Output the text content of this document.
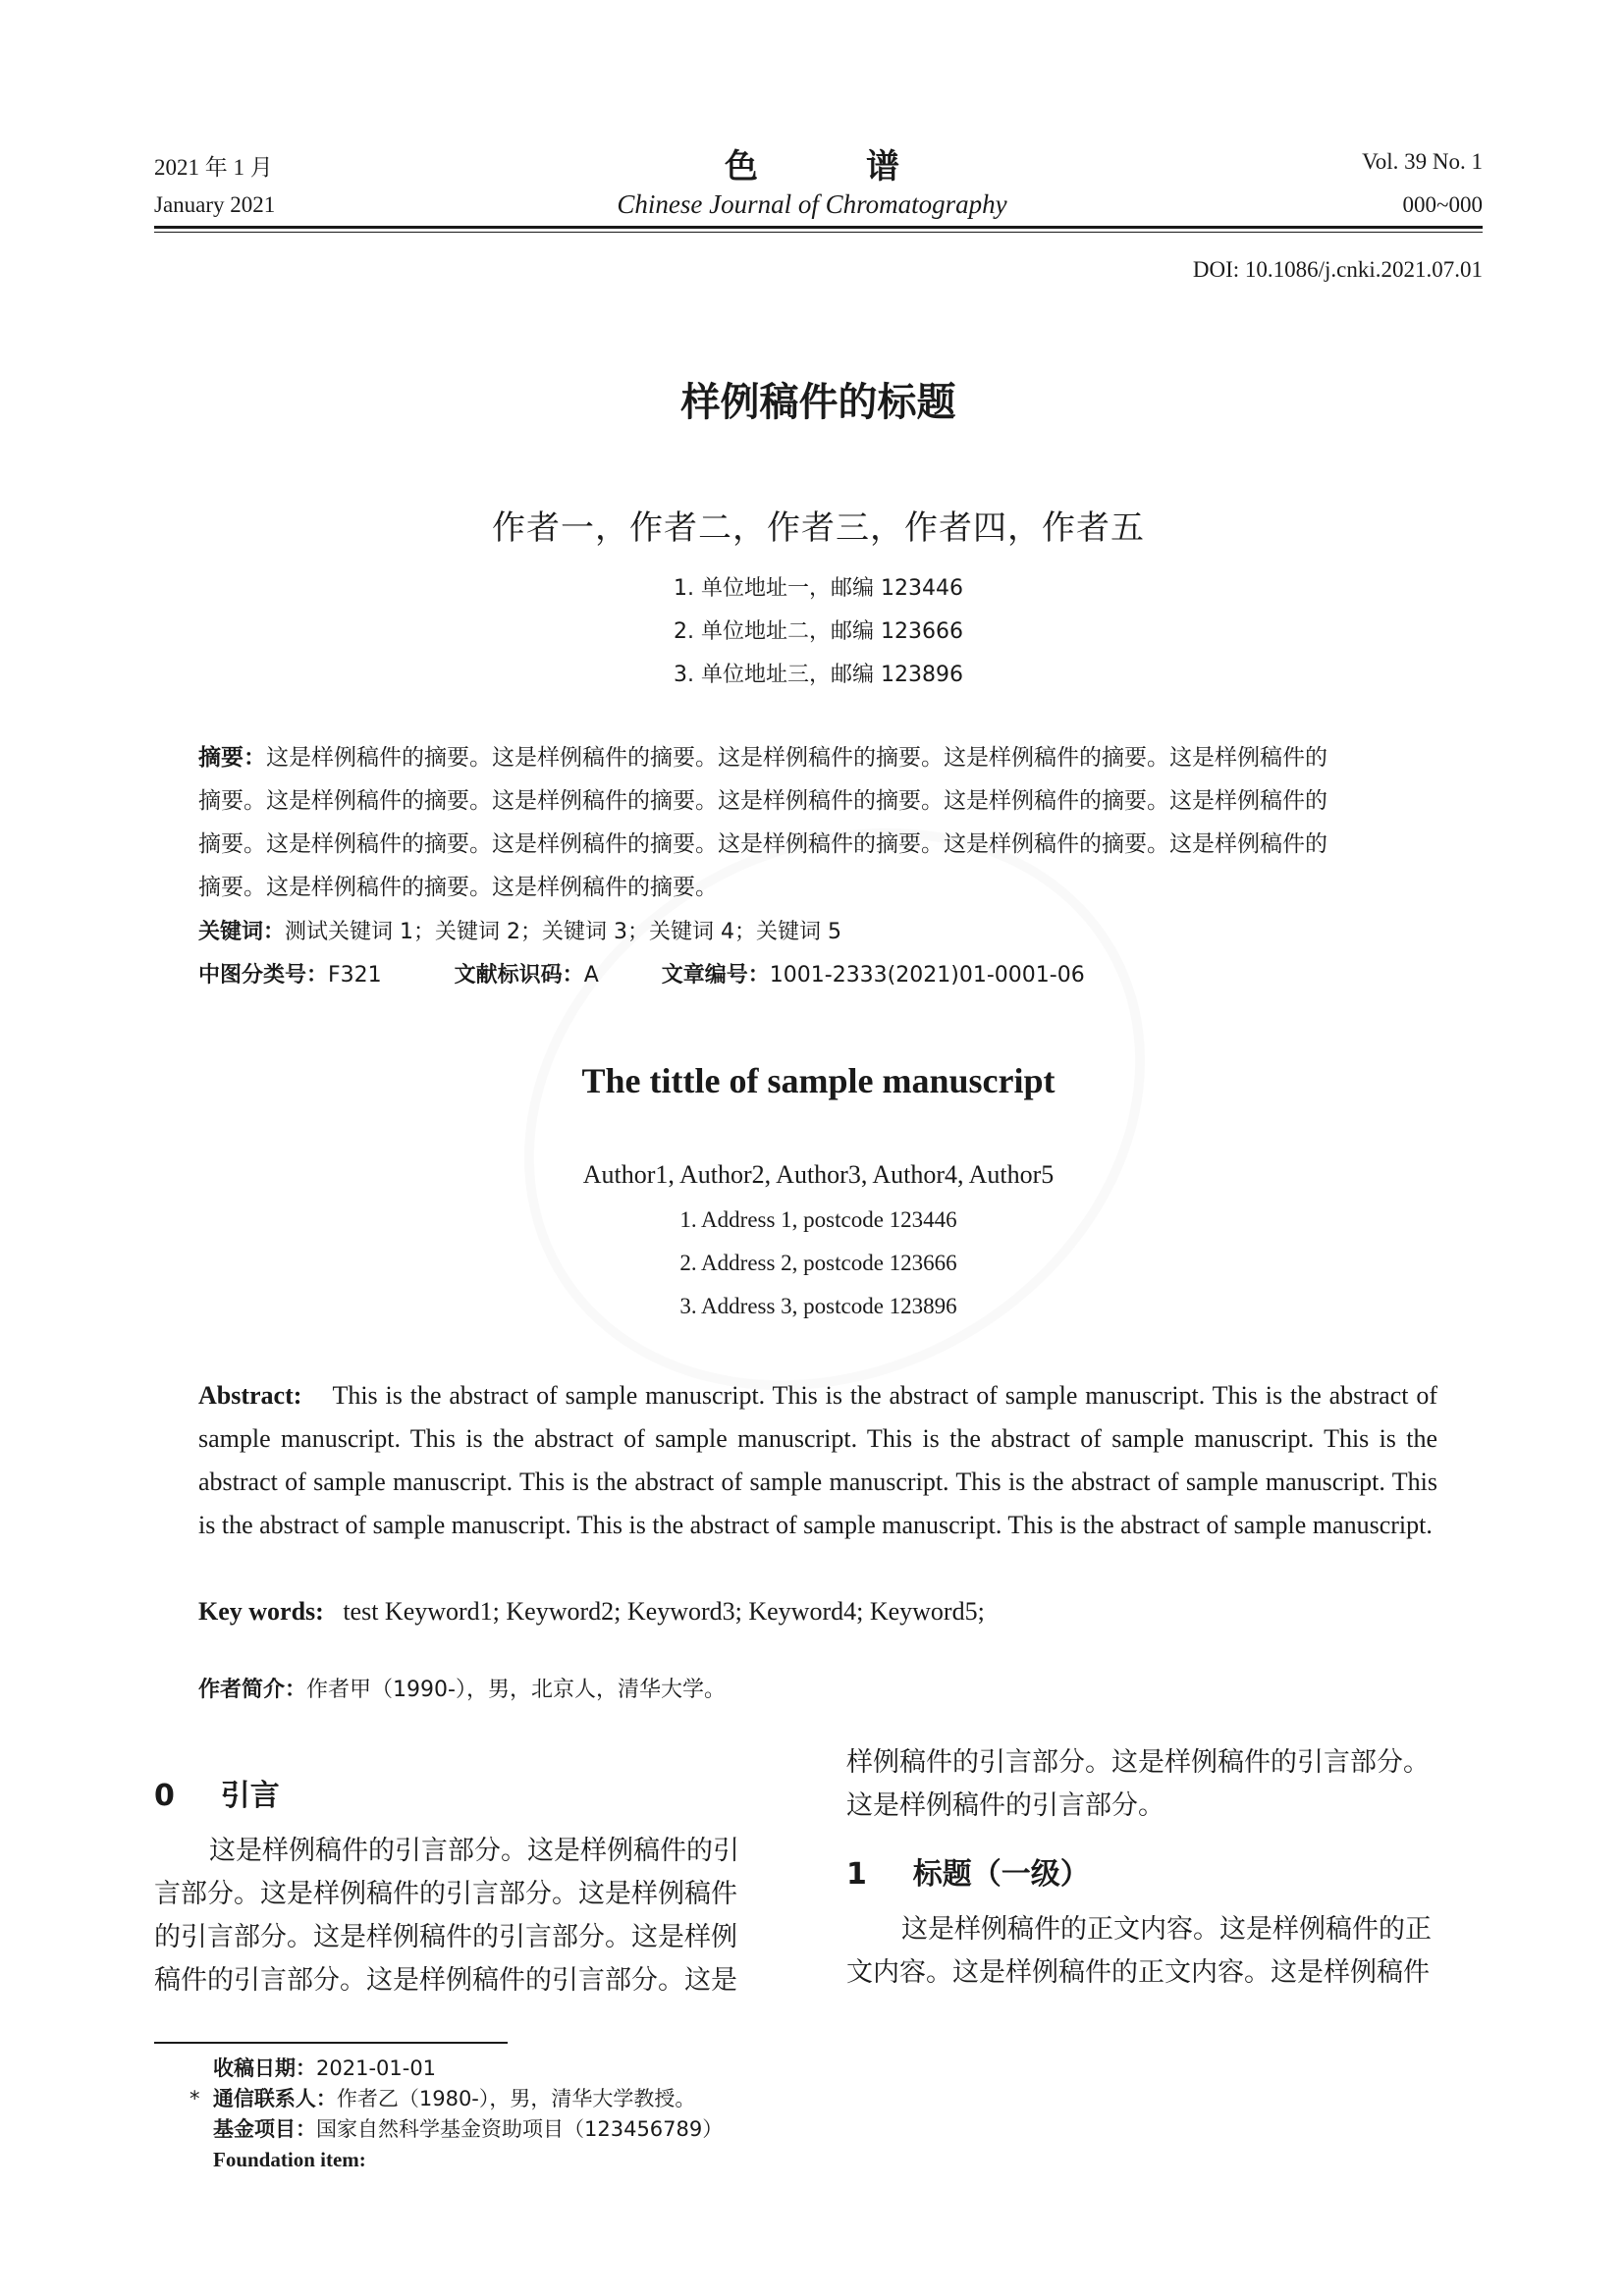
2021 年 1 月
January 2021
色谱
Chinese Journal of Chromatography
Vol. 39 No. 1
000~000
DOI: 10.1086/j.cnki.2021.07.01
样例稿件的标题
作者一，作者二，作者三，作者四，作者五
1. 单位地址一，邮编 123446
2. 单位地址二，邮编 123666
3. 单位地址三，邮编 123896
摘要：这是样例稿件的摘要。这是样例稿件的摘要。这是样例稿件的摘要。这是样例稿件的摘要。这是样例稿件的
摘要。这是样例稿件的摘要。这是样例稿件的摘要。这是样例稿件的摘要。这是样例稿件的摘要。这是样例稿件的
摘要。这是样例稿件的摘要。这是样例稿件的摘要。这是样例稿件的摘要。这是样例稿件的摘要。这是样例稿件的
摘要。这是样例稿件的摘要。这是样例稿件的摘要。
关键词：测试关键词 1；关键词 2；关键词 3；关键词 4；关键词 5
中图分类号：F321	文献标识码：A	文章编号：1001-2333(2021)01-0001-06
The tittle of sample manuscript
Author1, Author2, Author3, Author4, Author5
1. Address 1, postcode 123446
2. Address 2, postcode 123666
3. Address 3, postcode 123896
Abstract: This is the abstract of sample manuscript. This is the abstract of sample manuscript. This is the abstract of sample manuscript. This is the abstract of sample manuscript. This is the abstract of sample manuscript. This is the abstract of sample manuscript. This is the abstract of sample manuscript. This is the abstract of sample manuscript. This is the abstract of sample manuscript. This is the abstract of sample manuscript. This is the abstract of sample manuscript.
Key words: test Keyword1; Keyword2; Keyword3; Keyword4; Keyword5;
作者简介：作者甲（1990-），男，北京人，清华大学。
0 引言
这是样例稿件的引言部分。这是样例稿件的引
言部分。这是样例稿件的引言部分。这是样例稿件
的引言部分。这是样例稿件的引言部分。这是样例
稿件的引言部分。这是样例稿件的引言部分。这是
收稿日期：2021-01-01
* 通信联系人：作者乙（1980-），男，清华大学教授。
基金项目：国家自然科学基金资助项目（123456789）
Foundation item:
样例稿件的引言部分。这是样例稿件的引言部分。
这是样例稿件的引言部分。
1 标题（一级）
这是样例稿件的正文内容。这是样例稿件的正
文内容。这是样例稿件的正文内容。这是样例稿件
